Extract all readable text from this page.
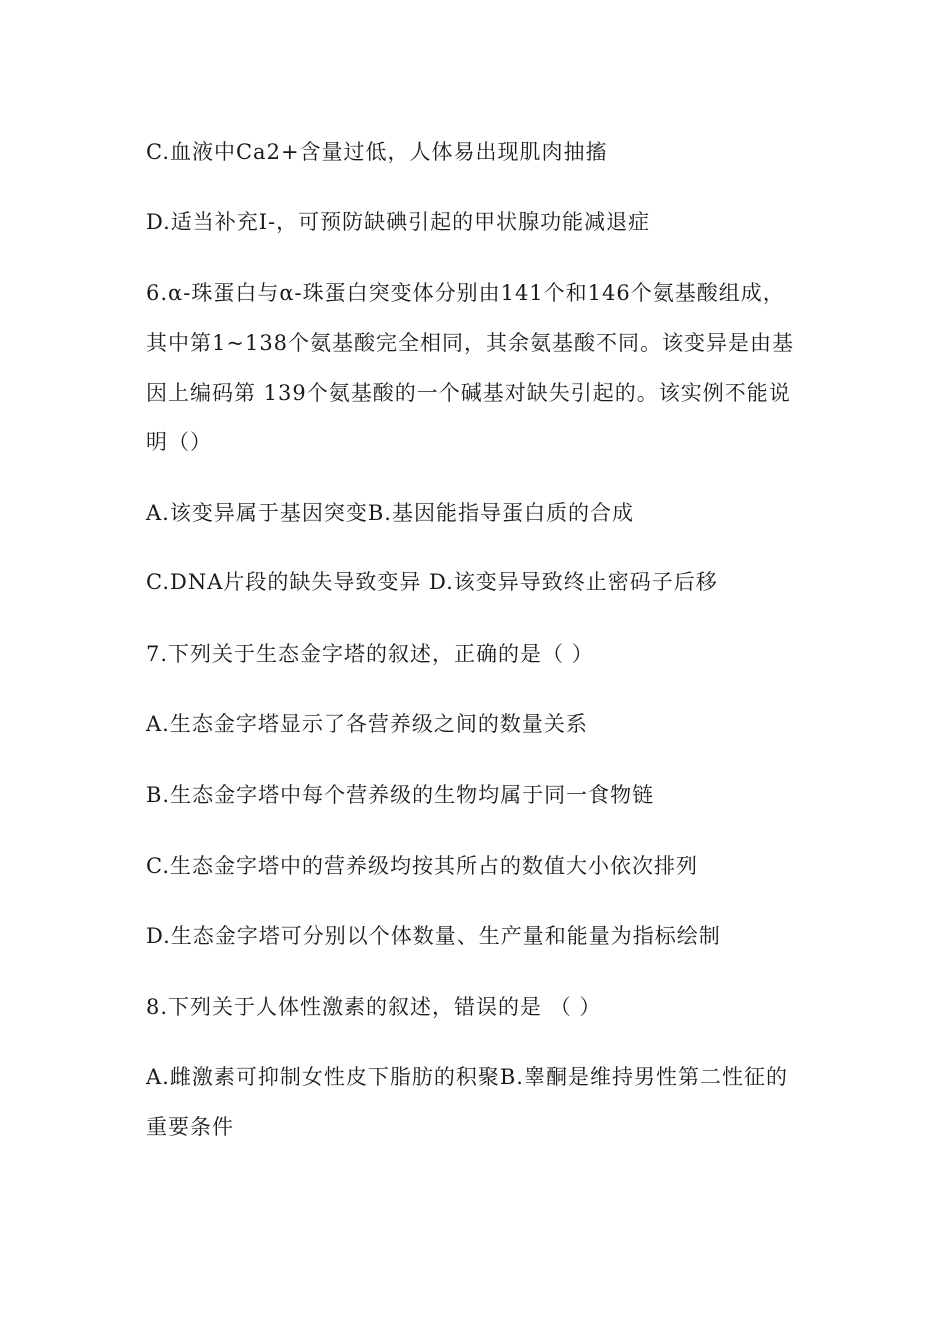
C.血液中Ca2+含量过低，人体易出现肌肉抽搐
D.适当补充I-，可预防缺碘引起的甲状腺功能减退症
6.α-珠蛋白与α-珠蛋白突变体分别由141个和146个氨基酸组成，
其中第1~138个氨基酸完全相同，其余氨基酸不同。该变异是由基
因上编码第 139个氨基酸的一个碱基对缺失引起的。该实例不能说
明（）
A.该变异属于基因突变B.基因能指导蛋白质的合成
C.DNA片段的缺失导致变异 D.该变异导致终止密码子后移
7.下列关于生态金字塔的叙述，正确的是（ ）
A.生态金字塔显示了各营养级之间的数量关系
B.生态金字塔中每个营养级的生物均属于同一食物链
C.生态金字塔中的营养级均按其所占的数值大小依次排列
D.生态金字塔可分别以个体数量、生产量和能量为指标绘制
8.下列关于人体性激素的叙述，错误的是 （ ）
A.雌激素可抑制女性皮下脂肪的积聚B.睾酮是维持男性第二性征的
重要条件
